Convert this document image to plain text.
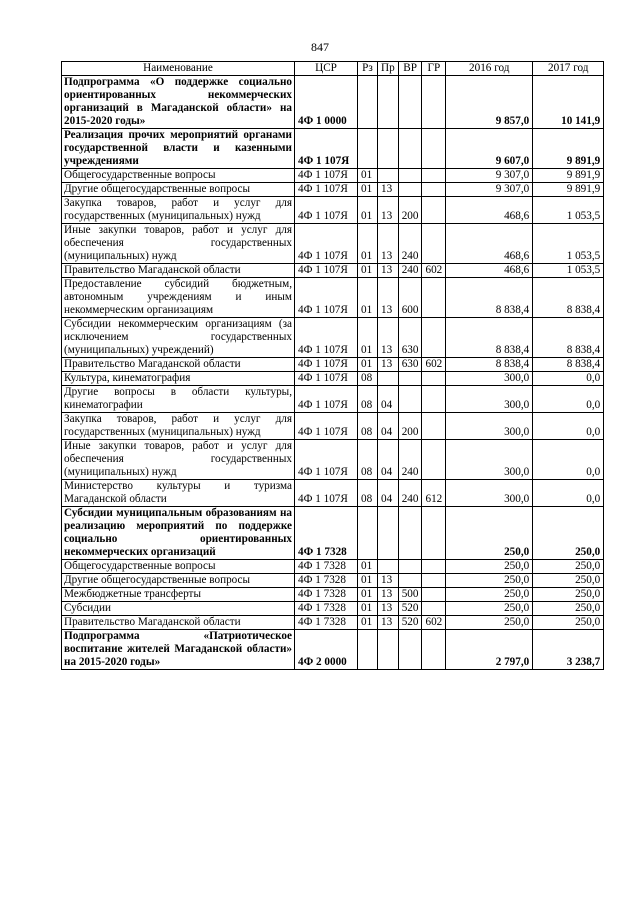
847
Наименование	ЦСР	Рз	Пр	ВР	ГР	2016 год	2017 год
Подпрограмма «О поддержке социально ориентированных некоммерческих организаций в Магаданской области» на 2015-2020 годы»	4Ф 1 0000					9 857,0	10 141,9
Реализация прочих мероприятий органами государственной власти и казенными учреждениями	4Ф 1 107Я					9 607,0	9 891,9
Общегосударственные вопросы	4Ф 1 107Я	01				9 307,0	9 891,9
Другие общегосударственные вопросы	4Ф 1 107Я	01	13			9 307,0	9 891,9
Закупка товаров, работ и услуг для государственных (муниципальных) нужд	4Ф 1 107Я	01	13	200		468,6	1 053,5
Иные закупки товаров, работ и услуг для обеспечения государственных (муниципальных) нужд	4Ф 1 107Я	01	13	240		468,6	1 053,5
Правительство Магаданской области	4Ф 1 107Я	01	13	240	602	468,6	1 053,5
Предоставление субсидий бюджетным, автономным учреждениям и иным некоммерческим организациям	4Ф 1 107Я	01	13	600		8 838,4	8 838,4
Субсидии некоммерческим организациям (за исключением государственных (муниципальных) учреждений)	4Ф 1 107Я	01	13	630		8 838,4	8 838,4
Правительство Магаданской области	4Ф 1 107Я	01	13	630	602	8 838,4	8 838,4
Культура, кинематография	4Ф 1 107Я	08				300,0	0,0
Другие вопросы в области культуры, кинематографии	4Ф 1 107Я	08	04			300,0	0,0
Закупка товаров, работ и услуг для государственных (муниципальных) нужд	4Ф 1 107Я	08	04	200		300,0	0,0
Иные закупки товаров, работ и услуг для обеспечения государственных (муниципальных) нужд	4Ф 1 107Я	08	04	240		300,0	0,0
Министерство культуры и туризма Магаданской области	4Ф 1 107Я	08	04	240	612	300,0	0,0
Субсидии муниципальным образованиям на реализацию мероприятий по поддержке социально ориентированных некоммерческих организаций	4Ф 1 7328					250,0	250,0
Общегосударственные вопросы	4Ф 1 7328	01				250,0	250,0
Другие общегосударственные вопросы	4Ф 1 7328	01	13			250,0	250,0
Межбюджетные трансферты	4Ф 1 7328	01	13	500		250,0	250,0
Субсидии	4Ф 1 7328	01	13	520		250,0	250,0
Правительство Магаданской области	4Ф 1 7328	01	13	520	602	250,0	250,0
Подпрограмма «Патриотическое воспитание жителей Магаданской области» на 2015-2020 годы»	4Ф 2 0000					2 797,0	3 238,7
